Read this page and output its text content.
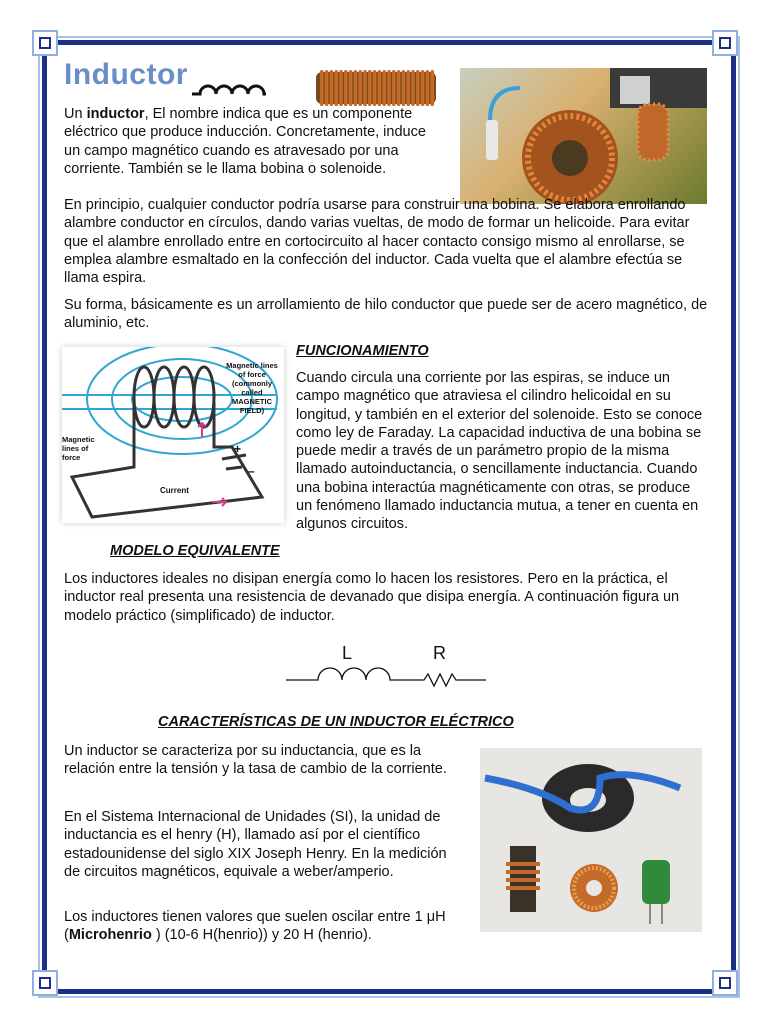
Inductor

Un inductor, El nombre indica que es un componente eléctrico que produce inducción. Concretamente, induce un campo magnético cuando es atravesado por una corriente. También se le llama bobina o solenoide.

En principio, cualquier conductor podría usarse para construir una bobina. Se elabora enrollando alambre conductor en círculos, dando varias vueltas, de modo de formar un helicoide. Para evitar que el alambre enrollado entre en cortocircuito al hacer contacto consigo mismo al enrollarse, se emplea alambre esmaltado en la confección del inductor. Cada vuelta que el alambre efectúa se llama espira.

Su forma, básicamente es un arrollamiento de hilo conductor que puede ser de acero magnético, de aluminio, etc.

+
–
Current
Magnetic lines of force (commonly called MAGNETIC FIELD)
Magnetic lines of force
FUNCIONAMIENTO

Cuando circula una corriente por las espiras, se induce un campo magnético que atraviesa el cilindro helicoidal en su longitud, y también en el exterior del solenoide. Esto se conoce como ley de Faraday. La capacidad inductiva de una bobina se puede medir a través de un parámetro propio de la misma llamado autoinductancia, o sencillamente inductancia. Cuando una bobina interactúa magnéticamente con otras, se produce un fenómeno llamado inductancia mutua, a tener en cuenta en algunos circuitos.

MODELO EQUIVALENTE

Los inductores ideales no disipan energía como lo hacen los resistores. Pero en la práctica, el inductor real presenta una resistencia de devanado que disipa energía. A continuación figura un modelo práctico (simplificado) de inductor.

L	R
CARACTERÍSTICAS DE UN INDUCTOR ELÉCTRICO

Un inductor se caracteriza por su inductancia, que es la relación entre la tensión y la tasa de cambio de la corriente.

En el Sistema Internacional de Unidades (SI), la unidad de inductancia es el henry (H), llamado así por el científico estadounidense del siglo XIX Joseph Henry. En la medición de circuitos magnéticos, equivale a weber/amperio.

Los inductores tienen valores que suelen oscilar entre 1 μH (Microhenrio ) (10-6 H(henrio)) y 20 H (henrio).
